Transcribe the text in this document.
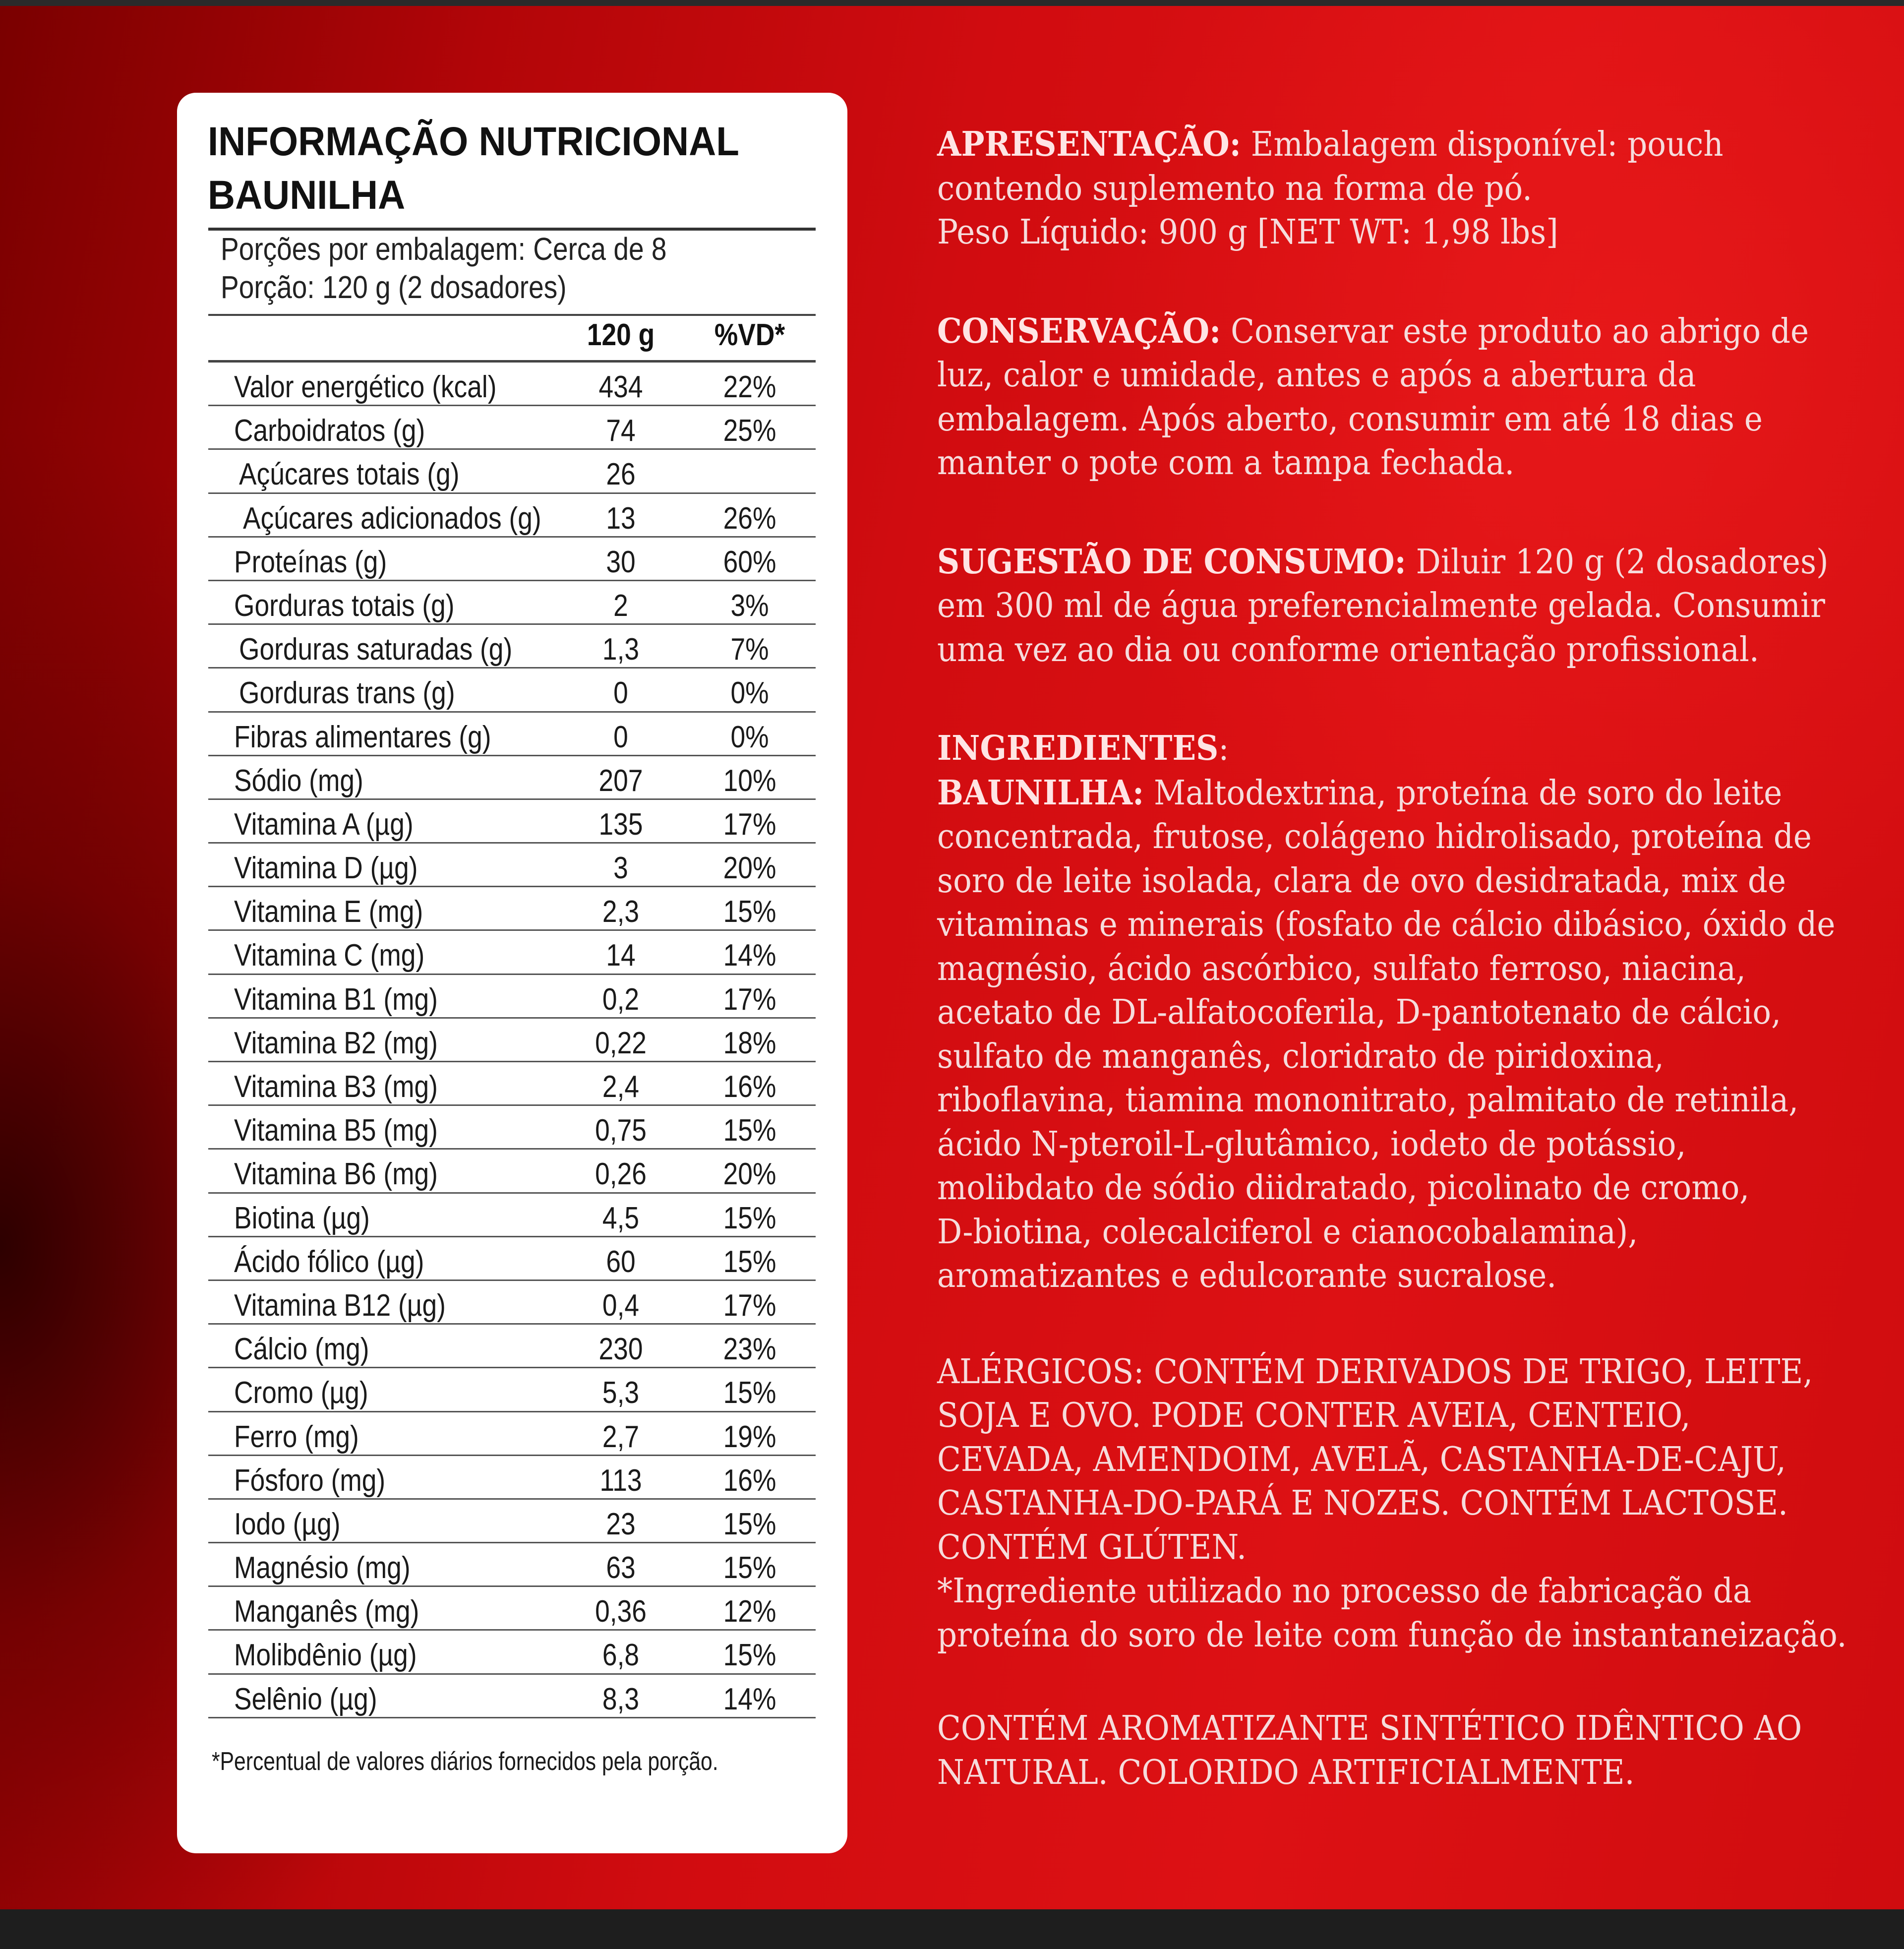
INFORMAÇÃO NUTRICIONAL
BAUNILHA
Porções por embalagem: Cerca de 8
Porção: 120 g (2 dosadores)
120 g	%VD*
Valor energético (kcal)	434	22%
Carboidratos (g)	74	25%
Açúcares totais (g)	26
Açúcares adicionados (g)	13	26%
Proteínas (g)	30	60%
Gorduras totais (g)	2	3%
Gorduras saturadas (g)	1,3	7%
Gorduras trans (g)	0	0%
Fibras alimentares (g)	0	0%
Sódio (mg)	207	10%
Vitamina A (µg)	135	17%
Vitamina D (µg)	3	20%
Vitamina E (mg)	2,3	15%
Vitamina C (mg)	14	14%
Vitamina B1 (mg)	0,2	17%
Vitamina B2 (mg)	0,22	18%
Vitamina B3 (mg)	2,4	16%
Vitamina B5 (mg)	0,75	15%
Vitamina B6 (mg)	0,26	20%
Biotina (µg)	4,5	15%
Ácido fólico (µg)	60	15%
Vitamina B12 (µg)	0,4	17%
Cálcio (mg)	230	23%
Cromo (µg)	5,3	15%
Ferro (mg)	2,7	19%
Fósforo (mg)	113	16%
Iodo (µg)	23	15%
Magnésio (mg)	63	15%
Manganês (mg)	0,36	12%
Molibdênio (µg)	6,8	15%
Selênio (µg)	8,3	14%
*Percentual de valores diários fornecidos pela porção.
APRESENTAÇÃO: Embalagem disponível: pouch
contendo suplemento na forma de pó.
Peso Líquido: 900 g [NET WT: 1,98 lbs]
CONSERVAÇÃO: Conservar este produto ao abrigo de
luz, calor e umidade, antes e após a abertura da
embalagem. Após aberto, consumir em até 18 dias e
manter o pote com a tampa fechada.
SUGESTÃO DE CONSUMO: Diluir 120 g (2 dosadores)
em 300 ml de água preferencialmente gelada. Consumir
uma vez ao dia ou conforme orientação profissional.
INGREDIENTES:
BAUNILHA: Maltodextrina, proteína de soro do leite
concentrada, frutose, colágeno hidrolisado, proteína de
soro de leite isolada, clara de ovo desidratada, mix de
vitaminas e minerais (fosfato de cálcio dibásico, óxido de
magnésio, ácido ascórbico, sulfato ferroso, niacina,
acetato de DL-alfatocoferila, D-pantotenato de cálcio,
sulfato de manganês, cloridrato de piridoxina,
riboflavina, tiamina mononitrato, palmitato de retinila,
ácido N-pteroil-L-glutâmico, iodeto de potássio,
molibdato de sódio diidratado, picolinato de cromo,
D-biotina, colecalciferol e cianocobalamina),
aromatizantes e edulcorante sucralose.
ALÉRGICOS: CONTÉM DERIVADOS DE TRIGO, LEITE,
SOJA E OVO. PODE CONTER AVEIA, CENTEIO,
CEVADA, AMENDOIM, AVELÃ, CASTANHA-DE-CAJU,
CASTANHA-DO-PARÁ E NOZES. CONTÉM LACTOSE.
CONTÉM GLÚTEN.
*Ingrediente utilizado no processo de fabricação da
proteína do soro de leite com função de instantaneização.
CONTÉM AROMATIZANTE SINTÉTICO IDÊNTICO AO
NATURAL. COLORIDO ARTIFICIALMENTE.
